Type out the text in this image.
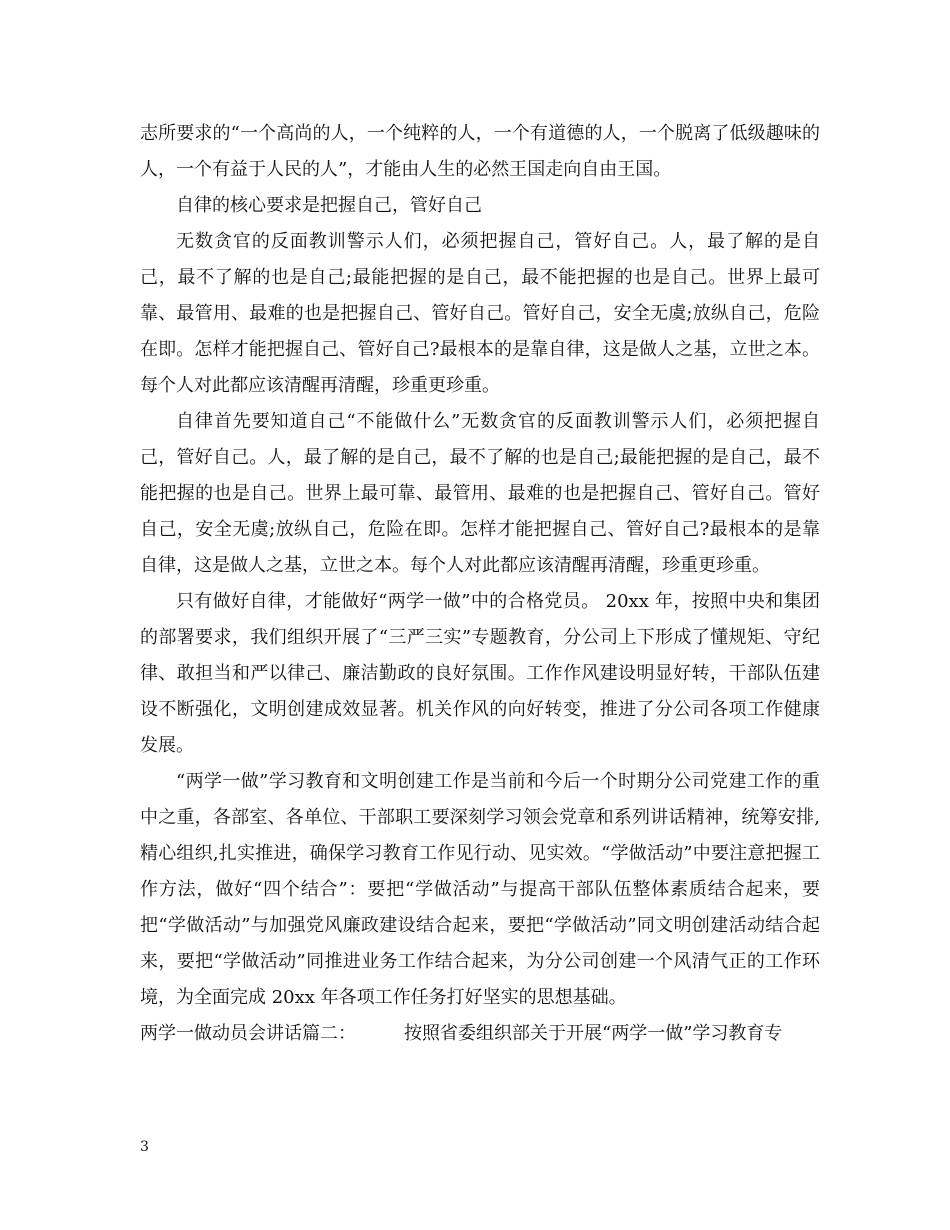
志所要求的“一个高尚的人，一个纯粹的人，一个有道德的人，一个脱离了低级趣味的人，一个有益于人民的人”，才能由人生的必然王国走向自由王国。

自律的核心要求是把握自己，管好自己

无数贪官的反面教训警示人们，必须把握自己，管好自己。人，最了解的是自己，最不了解的也是自己;最能把握的是自己，最不能把握的也是自己。世界上最可靠、最管用、最难的也是把握自己、管好自己。管好自己，安全无虞;放纵自己，危险在即。怎样才能把握自己、管好自己?最根本的是靠自律，这是做人之基，立世之本。每个人对此都应该清醒再清醒，珍重更珍重。

自律首先要知道自己“不能做什么”无数贪官的反面教训警示人们，必须把握自己，管好自己。人，最了解的是自己，最不了解的也是自己;最能把握的是自己，最不能把握的也是自己。世界上最可靠、最管用、最难的也是把握自己、管好自己。管好自己，安全无虞;放纵自己，危险在即。怎样才能把握自己、管好自己?最根本的是靠自律，这是做人之基，立世之本。每个人对此都应该清醒再清醒，珍重更珍重。

只有做好自律，才能做好“两学一做”中的合格党员。 20xx 年，按照中央和集团的部署要求，我们组织开展了“三严三实”专题教育，分公司上下形成了懂规矩、守纪律、敢担当和严以律己、廉洁勤政的良好氛围。工作作风建设明显好转，干部队伍建设不断强化，文明创建成效显著。机关作风的向好转变，推进了分公司各项工作健康发展。

“两学一做”学习教育和文明创建工作是当前和今后一个时期分公司党建工作的重中之重，各部室、各单位、干部职工要深刻学习领会党章和系列讲话精神，统筹安排,精心组织,扎实推进，确保学习教育工作见行动、见实效。“学做活动”中要注意把握工作方法，做好“四个结合”：要把“学做活动”与提高干部队伍整体素质结合起来，要把“学做活动”与加强党风廉政建设结合起来，要把“学做活动”同文明创建活动结合起来，要把“学做活动”同推进业务工作结合起来，为分公司创建一个风清气正的工作环境，为全面完成 20xx 年各项工作任务打好坚实的思想基础。

两学一做动员会讲话篇二：	按照省委组织部关于开展“两学一做”学习教育专

3
